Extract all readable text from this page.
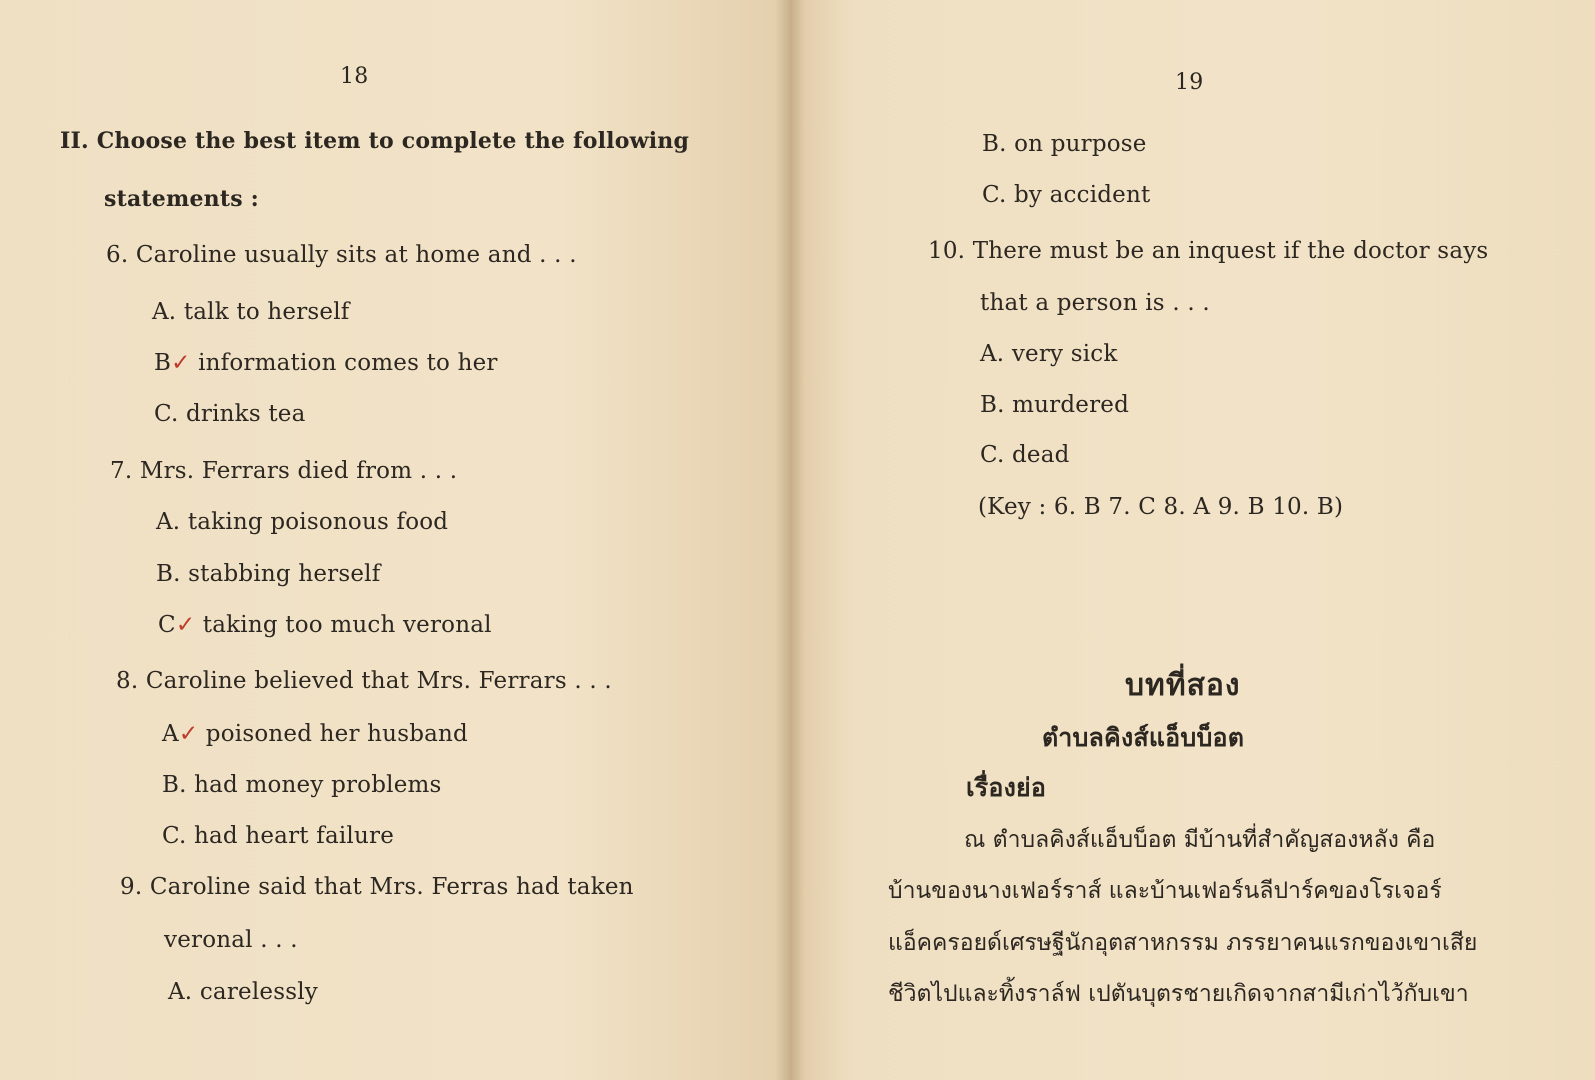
18
II. Choose the best item to complete the following
statements :
6. Caroline usually sits at home and . . .
A. talk to herself
B✓ information comes to her
C. drinks tea
7. Mrs. Ferrars died from . . .
A. taking poisonous food
B. stabbing herself
C✓ taking too much veronal
8. Caroline believed that Mrs. Ferrars . . .
A✓ poisoned her husband
B. had money problems
C. had heart failure
9. Caroline said that Mrs. Ferras had taken
veronal . . .
A. carelessly
19
B. on purpose
C. by accident
10. There must be an inquest if the doctor says
that a person is . . .
A. very sick
B. murdered
C. dead
(Key : 6. B 7. C 8. A 9. B 10. B)
บทที่สอง
ตำบลคิงส์แอ็บบ็อต
เรื่องย่อ
ณ ตำบลคิงส์แอ็บบ็อต มีบ้านที่สำคัญสองหลัง คือ
บ้านของนางเฟอร์ราส์ และบ้านเฟอร์นลีปาร์คของโรเจอร์
แอ็คครอยด์เศรษฐีนักอุตสาหกรรม ภรรยาคนแรกของเขาเสีย
ชีวิตไปและทิ้งราล์ฟ เปตันบุตรชายเกิดจากสามีเก่าไว้กับเขา
